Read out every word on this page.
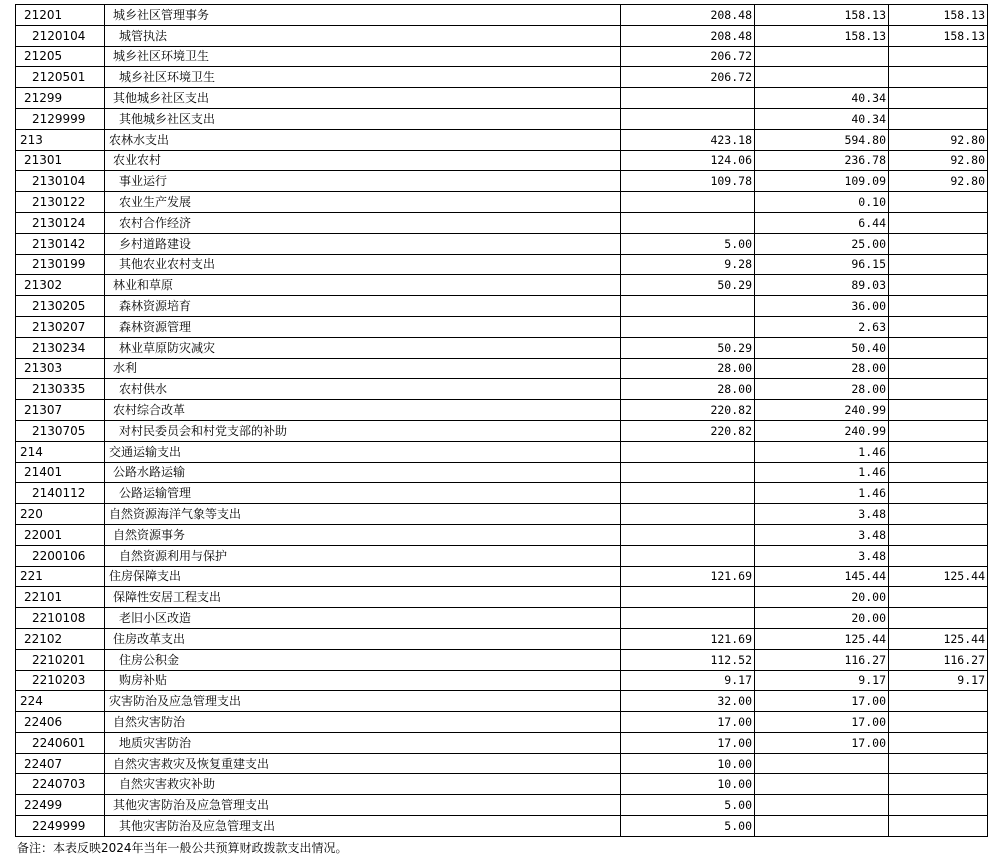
21201	城乡社区管理事务	208.48	158.13	158.13	
2120104	城管执法	208.48	158.13	158.13	
21205	城乡社区环境卫生	206.72			
2120501	城乡社区环境卫生	206.72			
21299	其他城乡社区支出		40.34		
2129999	其他城乡社区支出		40.34		
213	农林水支出	423.18	594.80	92.80	
21301	农业农村	124.06	236.78	92.80	
2130104	事业运行	109.78	109.09	92.80	
2130122	农业生产发展		0.10		
2130124	农村合作经济		6.44		
2130142	乡村道路建设	5.00	25.00		
2130199	其他农业农村支出	9.28	96.15		
21302	林业和草原	50.29	89.03		
2130205	森林资源培育		36.00		
2130207	森林资源管理		2.63		
2130234	林业草原防灾减灾	50.29	50.40		
21303	水利	28.00	28.00		
2130335	农村供水	28.00	28.00		
21307	农村综合改革	220.82	240.99		
2130705	对村民委员会和村党支部的补助	220.82	240.99		
214	交通运输支出		1.46		
21401	公路水路运输		1.46		
2140112	公路运输管理		1.46		
220	自然资源海洋气象等支出		3.48		
22001	自然资源事务		3.48		
2200106	自然资源利用与保护		3.48		
221	住房保障支出	121.69	145.44	125.44	
22101	保障性安居工程支出		20.00		
2210108	老旧小区改造		20.00		
22102	住房改革支出	121.69	125.44	125.44	
2210201	住房公积金	112.52	116.27	116.27	
2210203	购房补贴	9.17	9.17	9.17	
224	灾害防治及应急管理支出	32.00	17.00		
22406	自然灾害防治	17.00	17.00		
2240601	地质灾害防治	17.00	17.00		
22407	自然灾害救灾及恢复重建支出	10.00			
2240703	自然灾害救灾补助	10.00			
22499	其他灾害防治及应急管理支出	5.00			
2249999	其他灾害防治及应急管理支出	5.00			
备注：本表反映2024年当年一般公共预算财政拨款支出情况。
